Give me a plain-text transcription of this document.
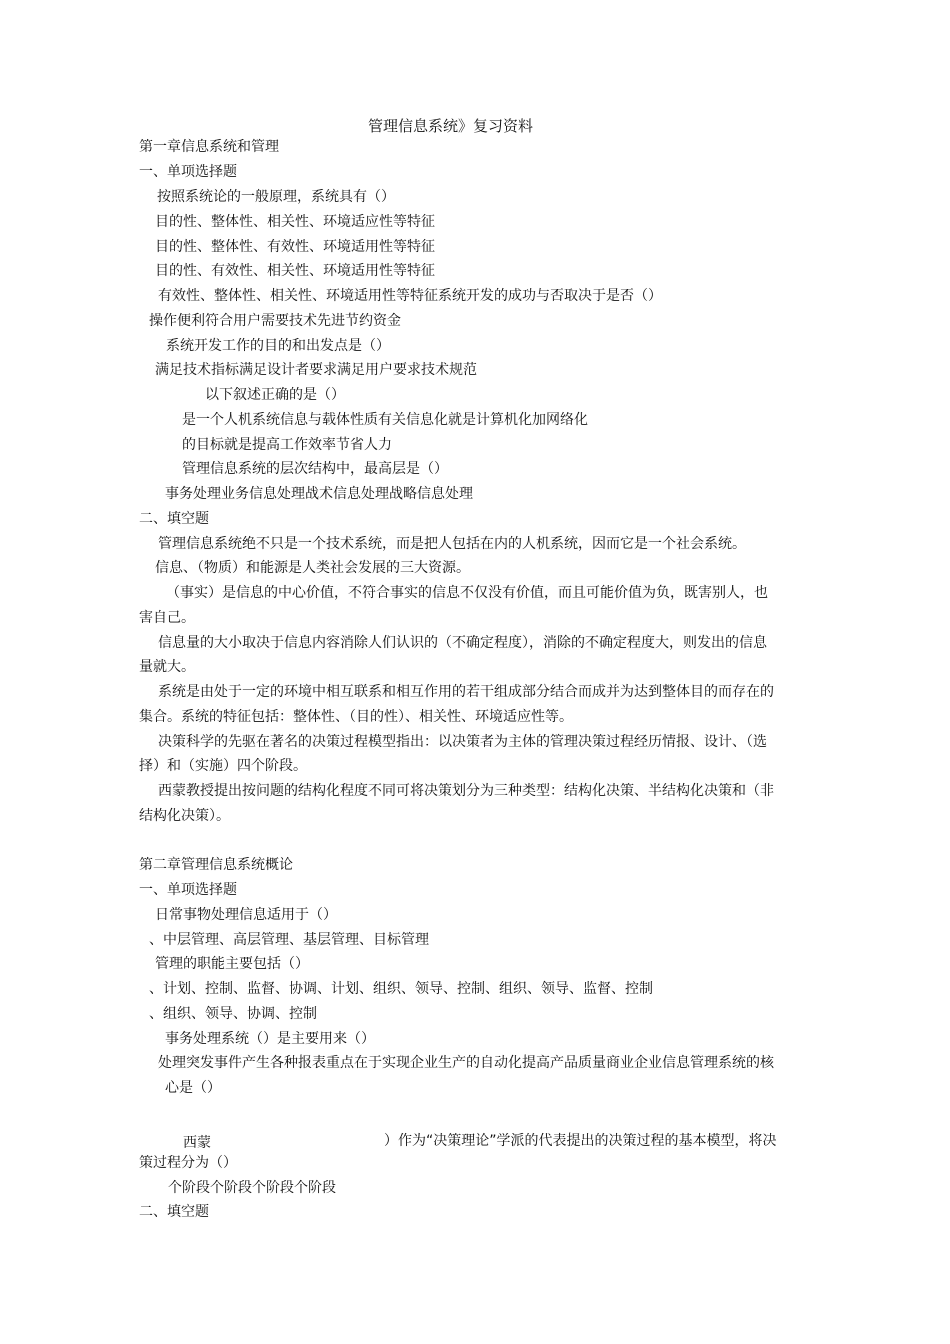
管理信息系统》复习资料
第一章信息系统和管理
一、单项选择题
按照系统论的一般原理，系统具有（）
目的性、整体性、相关性、环境适应性等特征
目的性、整体性、有效性、环境适用性等特征
目的性、有效性、相关性、环境适用性等特征
有效性、整体性、相关性、环境适用性等特征系统开发的成功与否取决于是否（）
操作便利符合用户需要技术先进节约资金
系统开发工作的目的和出发点是（）
满足技术指标满足设计者要求满足用户要求技术规范
以下叙述正确的是（）
是一个人机系统信息与载体性质有关信息化就是计算机化加网络化
的目标就是提高工作效率节省人力
管理信息系统的层次结构中，最高层是（）
事务处理业务信息处理战术信息处理战略信息处理
二、填空题
管理信息系统绝不只是一个技术系统，而是把人包括在内的人机系统，因而它是一个社会系统。
信息、（物质）和能源是人类社会发展的三大资源。
（事实）是信息的中心价值，不符合事实的信息不仅没有价值，而且可能价值为负，既害别人，也
害自己。
信息量的大小取决于信息内容消除人们认识的（不确定程度），消除的不确定程度大，则发出的信息
量就大。
系统是由处于一定的环境中相互联系和相互作用的若干组成部分结合而成并为达到整体目的而存在的
集合。系统的特征包括：整体性、（目的性）、相关性、环境适应性等。
决策科学的先驱在著名的决策过程模型指出：以决策者为主体的管理决策过程经历情报、设计、（选
择）和（实施）四个阶段。
西蒙教授提出按问题的结构化程度不同可将决策划分为三种类型：结构化决策、半结构化决策和（非
结构化决策）。
第二章管理信息系统概论
一、单项选择题
日常事物处理信息适用于（）
、中层管理、高层管理、基层管理、目标管理
管理的职能主要包括（）
、计划、控制、监督、协调、计划、组织、领导、控制、组织、领导、监督、控制
、组织、领导、协调、控制
事务处理系统（）是主要用来（）
处理突发事件产生各种报表重点在于实现企业生产的自动化提高产品质量商业企业信息管理系统的核
心是（）
西蒙	）作为“决策理论”学派的代表提出的决策过程的基本模型，将决
策过程分为（）
个阶段个阶段个阶段个阶段
二、填空题
